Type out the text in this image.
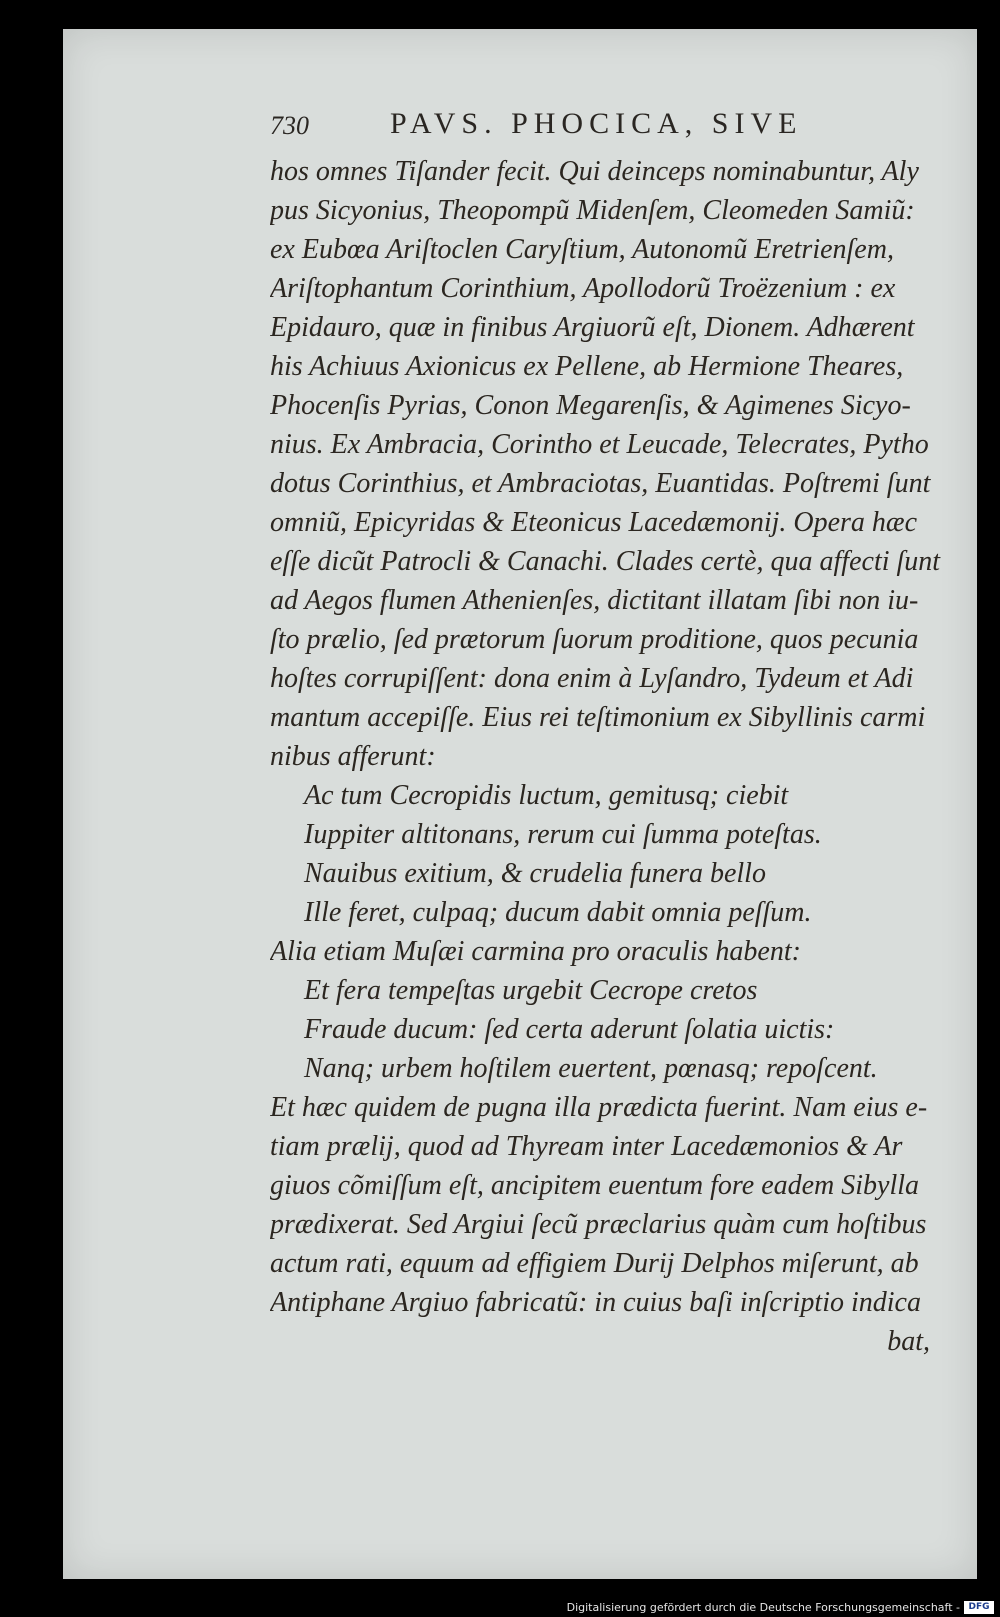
730	PAVS. PHOCICA, SIVE
hos omnes Tiſander fecit. Qui deinceps nominabuntur, Aly
pus Sicyonius, Theopompũ Midenſem, Cleomeden Samiũ:
ex Eubœa Ariſtoclen Caryſtium, Autonomũ Eretrienſem,
Ariſtophantum Corinthium, Apollodorũ Troëzenium : ex
Epidauro, quæ in finibus Argiuorũ eſt, Dionem. Adhærent
his Achiuus Axionicus ex Pellene, ab Hermione Theares,
Phocenſis Pyrias, Conon Megarenſis, & Agimenes Sicyo-
nius. Ex Ambracia, Corintho et Leucade, Telecrates, Pytho
dotus Corinthius, et Ambraciotas, Euantidas. Poſtremi ſunt
omniũ, Epicyridas & Eteonicus Lacedæmonij. Opera hæc
eſſe dicũt Patrocli & Canachi. Clades certè, qua affecti ſunt
ad Aegos flumen Athenienſes, dictitant illatam ſibi non iu-
ſto prælio, ſed prætorum ſuorum proditione, quos pecunia
hoſtes corrupiſſent: dona enim à Lyſandro, Tydeum et Adi
mantum accepiſſe. Eius rei teſtimonium ex Sibyllinis carmi
nibus afferunt:
Ac tum Cecropidis luctum, gemitusq; ciebit
Iuppiter altitonans, rerum cui ſumma poteſtas.
Nauibus exitium, & crudelia funera bello
Ille feret, culpaq; ducum dabit omnia peſſum.
Alia etiam Muſæi carmina pro oraculis habent:
Et fera tempeſtas urgebit Cecrope cretos
Fraude ducum: ſed certa aderunt ſolatia uictis:
Nanq; urbem hoſtilem euertent, pœnasq; repoſcent.
Et hæc quidem de pugna illa prædicta fuerint. Nam eius e-
tiam prælij, quod ad Thyream inter Lacedæmonios & Ar
giuos cõmiſſum eſt, ancipitem euentum fore eadem Sibylla
prædixerat. Sed Argiui ſecũ præclarius quàm cum hoſtibus
actum rati, equum ad effigiem Durij Delphos miſerunt, ab
Antiphane Argiuo fabricatũ: in cuius baſi inſcriptio indica
bat,
Digitalisierung gefördert durch die Deutsche Forschungsgemeinschaft - DFG
